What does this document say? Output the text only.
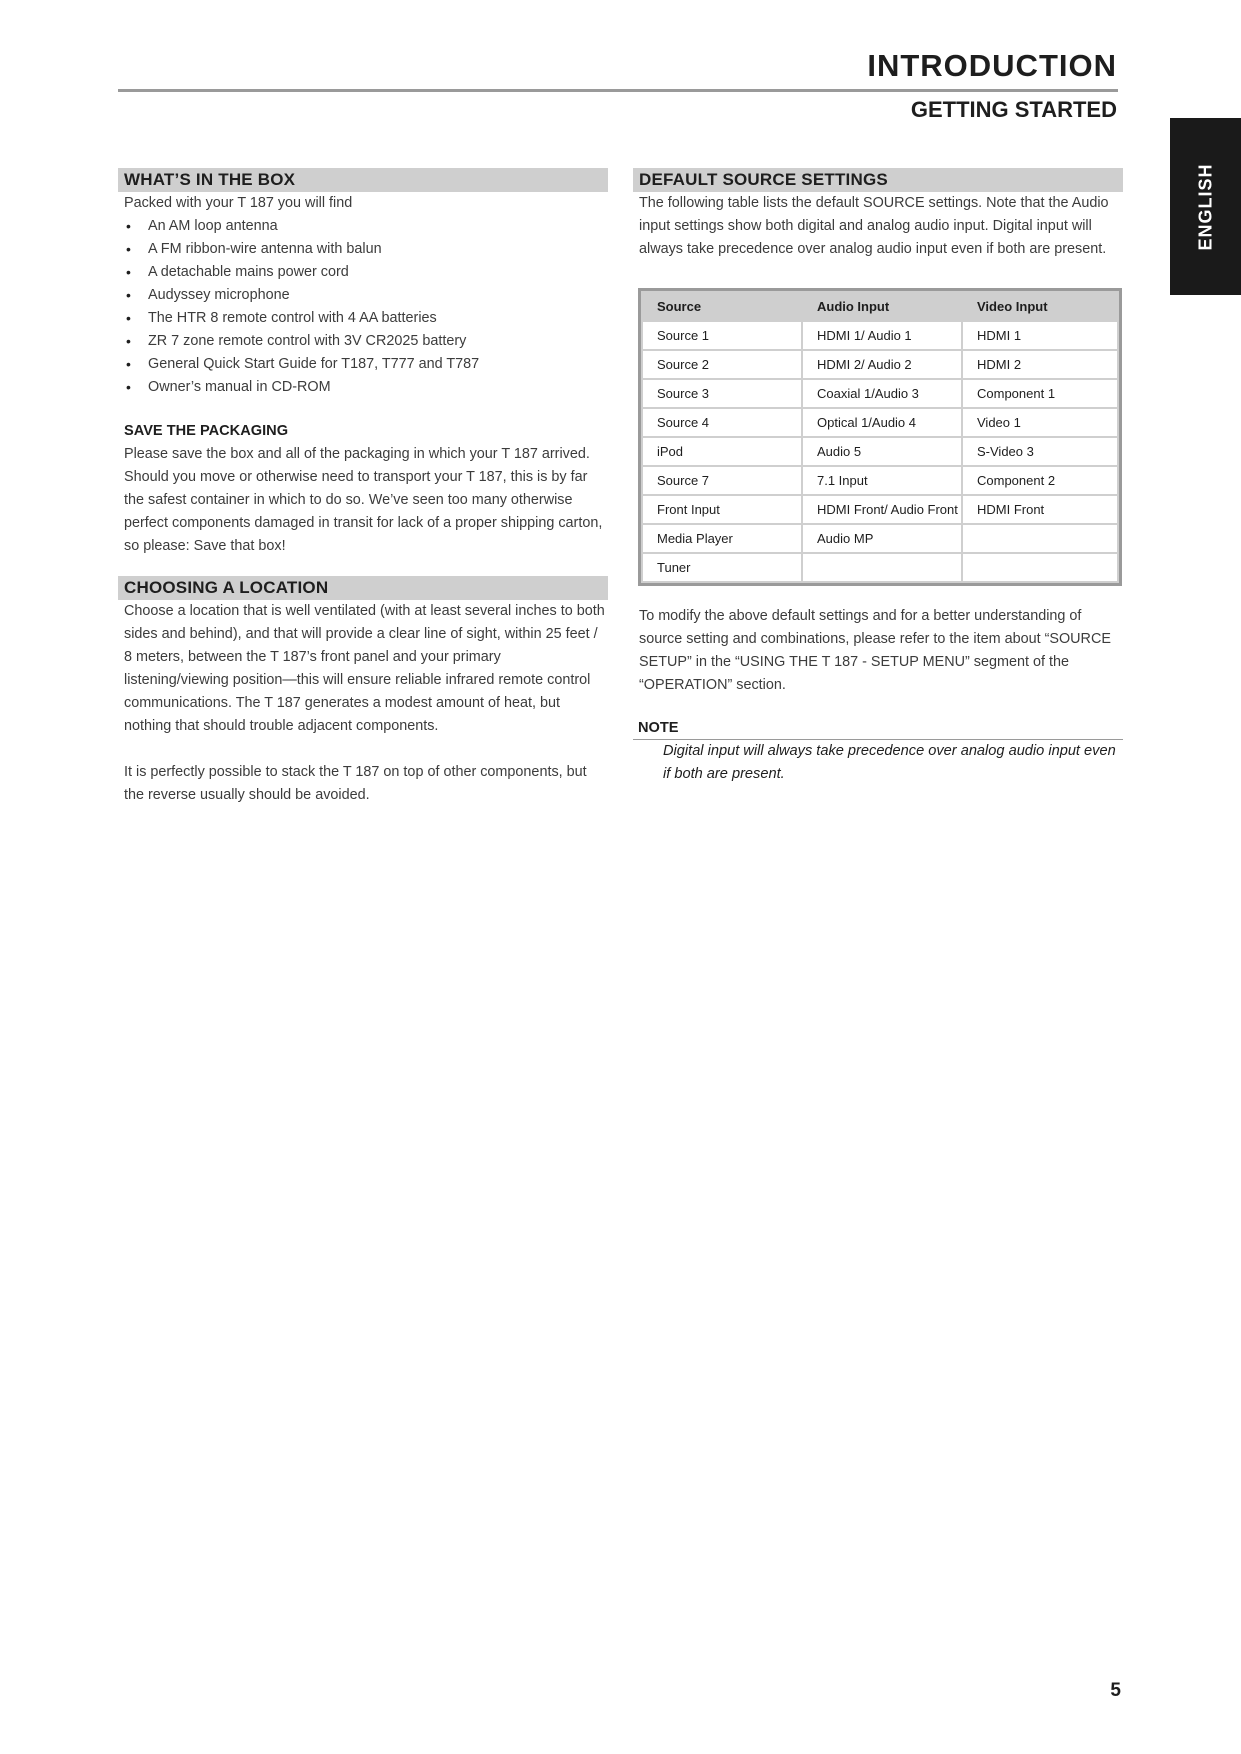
INTRODUCTION
GETTING STARTED
ENGLISH
WHAT’S IN THE BOX

Packed with your T 187 you will find

• An AM loop antenna
• A FM ribbon-wire antenna with balun
• A detachable mains power cord
• Audyssey microphone
• The HTR 8 remote control with 4 AA batteries
• ZR 7 zone remote control with 3V CR2025 battery
• General Quick Start Guide for T187, T777 and T787
• Owner’s manual in CD-ROM
SAVE THE PACKAGING

Please save the box and all of the packaging in which your T 187 arrived. Should you move or otherwise need to transport your T 187, this is by far the safest container in which to do so. We’ve seen too many otherwise perfect components damaged in transit for lack of a proper shipping carton, so please: Save that box!

CHOOSING A LOCATION

Choose a location that is well ventilated (with at least several inches to both sides and behind), and that will provide a clear line of sight, within 25 feet / 8 meters, between the T 187’s front panel and your primary listening/viewing position—this will ensure reliable infrared remote control communications. The T 187 generates a modest amount of heat, but nothing that should trouble adjacent components.

It is perfectly possible to stack the T 187 on top of other components, but the reverse usually should be avoided.

DEFAULT SOURCE SETTINGS

The following table lists the default SOURCE settings. Note that the Audio input settings show both digital and analog audio input. Digital input will always take precedence over analog audio input even if both are present.

Source	Audio Input	Video Input
Source 1	HDMI 1/ Audio 1	HDMI 1
Source 2	HDMI 2/ Audio 2	HDMI 2
Source 3	Coaxial 1/Audio 3	Component 1
Source 4	Optical 1/Audio 4	Video 1
iPod	Audio 5	S-Video 3
Source 7	7.1 Input	Component 2
Front Input	HDMI Front/ Audio Front	HDMI Front
Media Player	Audio MP	
Tuner		

To modify the above default settings and for a better understanding of source setting and combinations, please refer to the item about “SOURCE SETUP” in the “USING THE T 187 - SETUP MENU” segment of the “OPERATION” section.

NOTE

Digital input will always take precedence over analog audio input even if both are present.

5
